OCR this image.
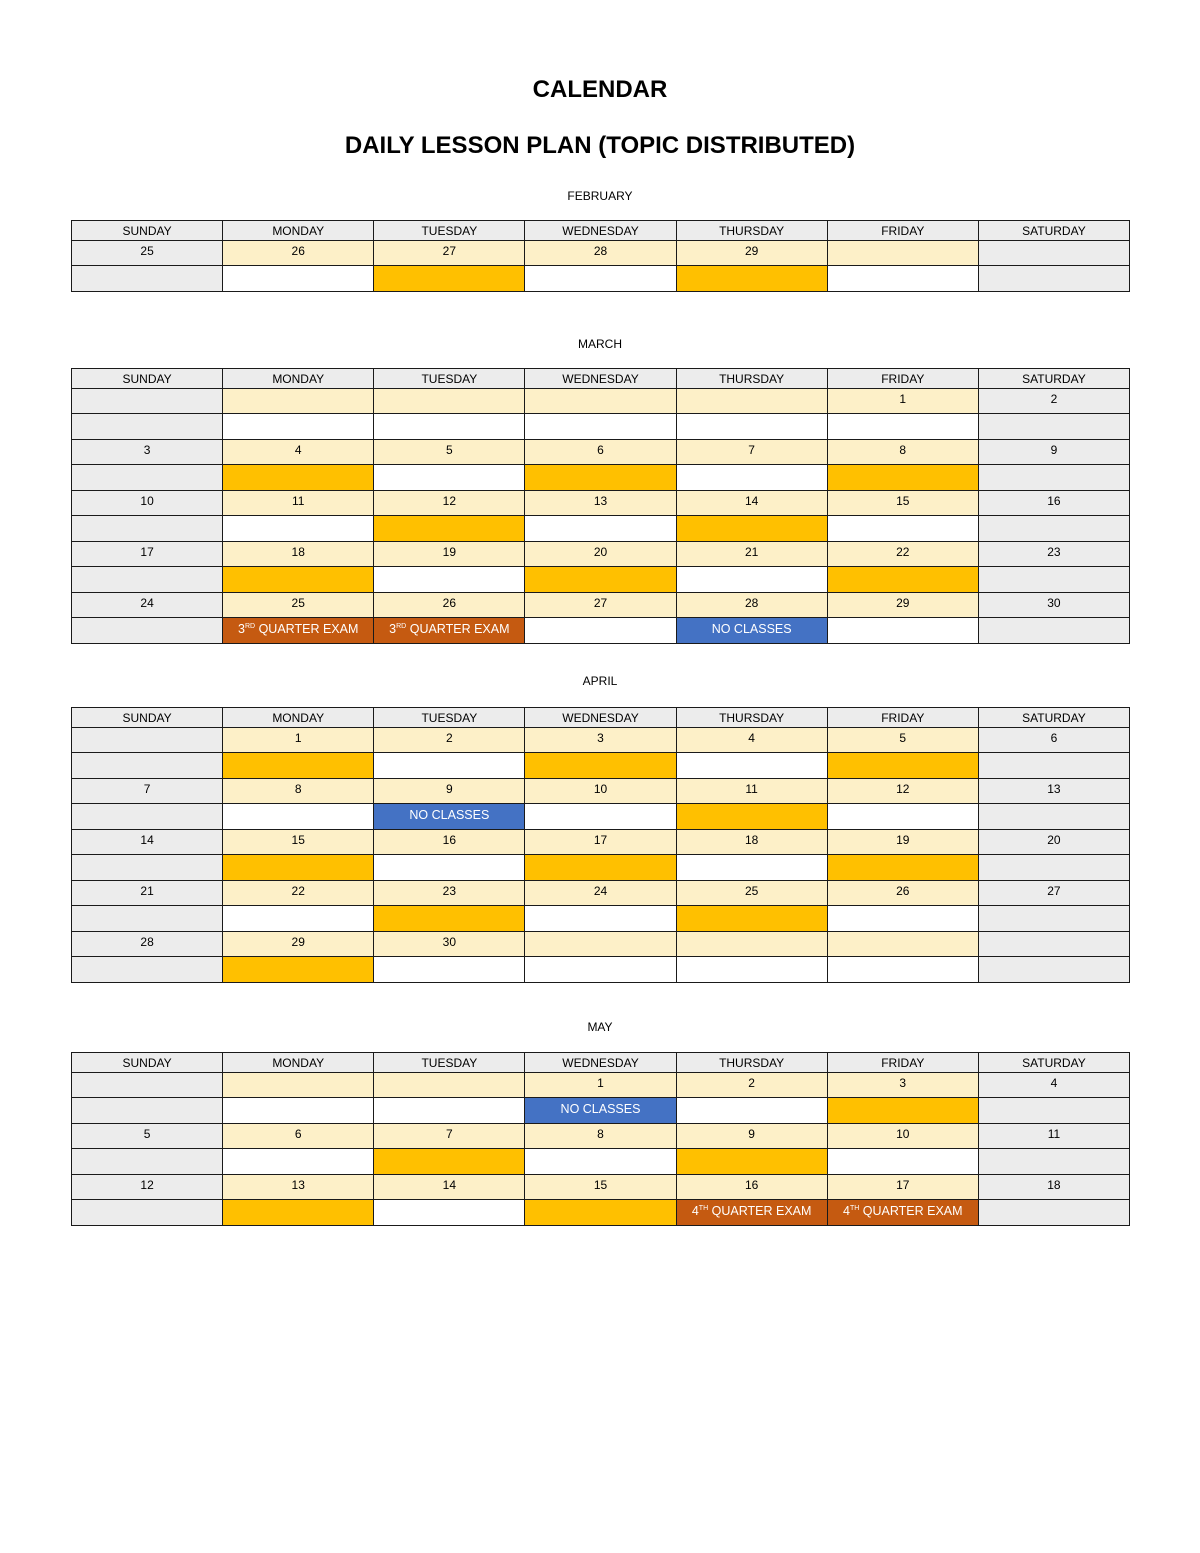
CALENDAR
DAILY LESSON PLAN (TOPIC DISTRIBUTED)
FEBRUARY
SUNDAY	MONDAY	TUESDAY	WEDNESDAY	THURSDAY	FRIDAY	SATURDAY
25	26	27	28	29		

MARCH
SUNDAY	MONDAY	TUESDAY	WEDNESDAY	THURSDAY	FRIDAY	SATURDAY
					1	2

3	4	5	6	7	8	9

10	11	12	13	14	15	16

17	18	19	20	21	22	23

24	25	26	27	28	29	30
	3RD QUARTER EXAM	3RD QUARTER EXAM		NO CLASSES		
APRIL
SUNDAY	MONDAY	TUESDAY	WEDNESDAY	THURSDAY	FRIDAY	SATURDAY
	1	2	3	4	5	6

7	8	9	10	11	12	13
		NO CLASSES				
14	15	16	17	18	19	20

21	22	23	24	25	26	27

28	29	30				

MAY
SUNDAY	MONDAY	TUESDAY	WEDNESDAY	THURSDAY	FRIDAY	SATURDAY
			1	2	3	4
			NO CLASSES			
5	6	7	8	9	10	11

12	13	14	15	16	17	18
				4TH QUARTER EXAM	4TH QUARTER EXAM	
